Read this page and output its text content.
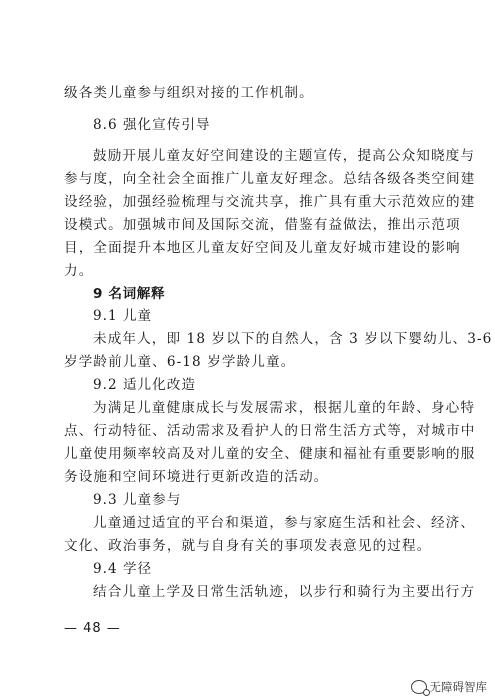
级各类儿童参与组织对接的工作机制。
8.6 强化宣传引导
鼓励开展儿童友好空间建设的主题宣传，提高公众知晓度与
参与度，向全社会全面推广儿童友好理念。总结各级各类空间建
设经验，加强经验梳理与交流共享，推广具有重大示范效应的建
设模式。加强城市间及国际交流，借鉴有益做法，推出示范项
目，全面提升本地区儿童友好空间及儿童友好城市建设的影响
力。
9 名词解释
9.1 儿童
未成年人，即 18 岁以下的自然人，含 3 岁以下婴幼儿、3-6
岁学龄前儿童、6-18 岁学龄儿童。
9.2 适儿化改造
为满足儿童健康成长与发展需求，根据儿童的年龄、身心特
点、行动特征、活动需求及看护人的日常生活方式等，对城市中
儿童使用频率较高及对儿童的安全、健康和福祉有重要影响的服
务设施和空间环境进行更新改造的活动。
9.3 儿童参与
儿童通过适宜的平台和渠道，参与家庭生活和社会、经济、
文化、政治事务，就与自身有关的事项发表意见的过程。
9.4 学径
结合儿童上学及日常生活轨迹，以步行和骑行为主要出行方
— 48 —
无障碍智库
